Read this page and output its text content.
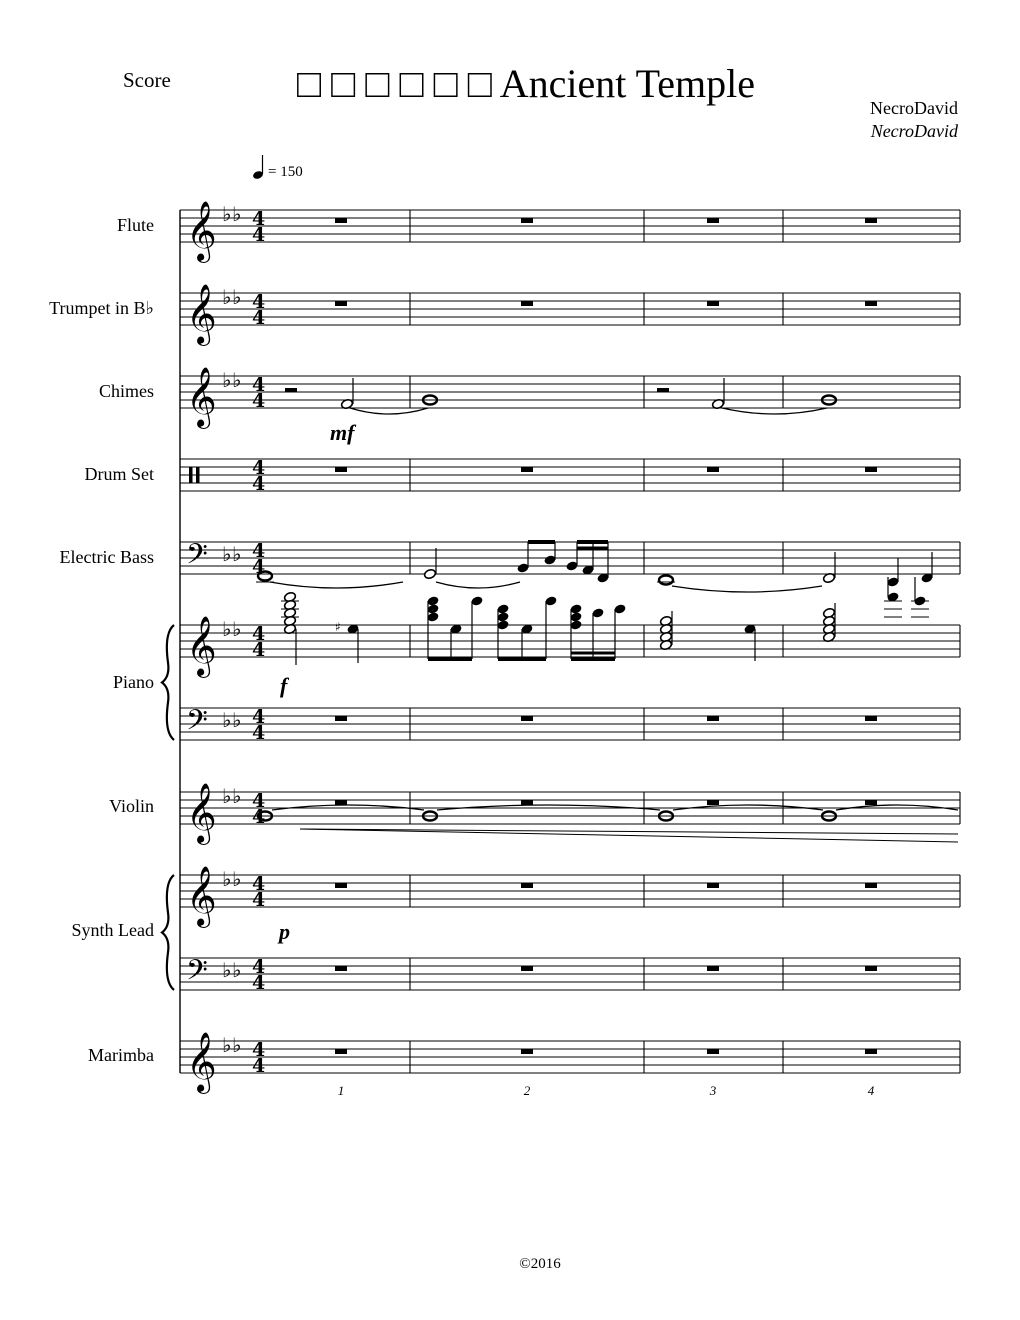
Score	□ □ □ □ □ □ Ancient Temple
NecroDavid
NecroDavid
Flute
Trumpet in B♭
Chimes
Drum Set
Electric Bass
Piano
Violin
Synth Lead
Marimba
= 150
𝄞 ♭ ♭ 4
4
𝄞 ♭ ♭ 4
4
𝄞 ♭ ♭ 4
4
4
4
𝄢 ♭ ♭ 4
4
𝄞 ♭ ♭ 4
4
𝄢 ♭ ♭ 4
4
𝄞 ♭ ♭ 4
4
𝄞 ♭ ♭ 4
4
𝄢 ♭ ♭ 4
4
𝄞 ♭ ♭ 4
4
♯
mf
f
p
1	2	3	4
©2016
